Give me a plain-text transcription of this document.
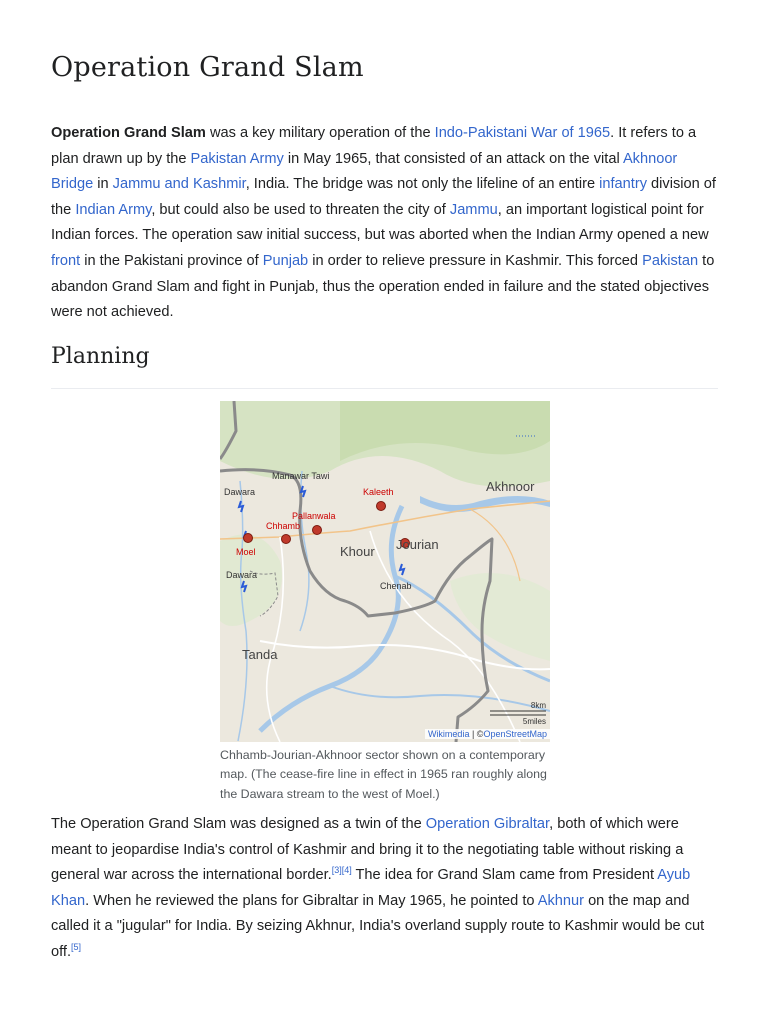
Operation Grand Slam

Operation Grand Slam was a key military operation of the Indo-Pakistani War of 1965. It refers to a plan drawn up by the Pakistan Army in May 1965, that consisted of an attack on the vital Akhnoor Bridge in Jammu and Kashmir, India. The bridge was not only the lifeline of an entire infantry division of the Indian Army, but could also be used to threaten the city of Jammu, an important logistical point for Indian forces. The operation saw initial success, but was aborted when the Indian Army opened a new front in the Pakistani province of Punjab in order to relieve pressure in Kashmir. This forced Pakistan to abandon Grand Slam and fight in Punjab, thus the operation ended in failure and the stated objectives were not achieved.

Planning
Manawar Tawi
Dawara	Kaleeth	Akhnoor
Pallanwala
Chhamb
Moel	Khour Jourian
Dawara
Chenab
Tanda
8km
5miles
Wikimedia | ©OpenStreetMap
Chhamb-Jourian-Akhnoor sector shown on a contemporary map. (The cease-fire line in effect in 1965 ran roughly along the Dawara stream to the west of Moel.)

The Operation Grand Slam was designed as a twin of the Operation Gibraltar, both of which were meant to jeopardise India's control of Kashmir and bring it to the negotiating table without risking a general war across the international border.[3][4] The idea for Grand Slam came from President Ayub Khan. When he reviewed the plans for Gibraltar in May 1965, he pointed to Akhnur on the map and called it a "jugular" for India. By seizing Akhnur, India's overland supply route to Kashmir would be cut off.[5]
